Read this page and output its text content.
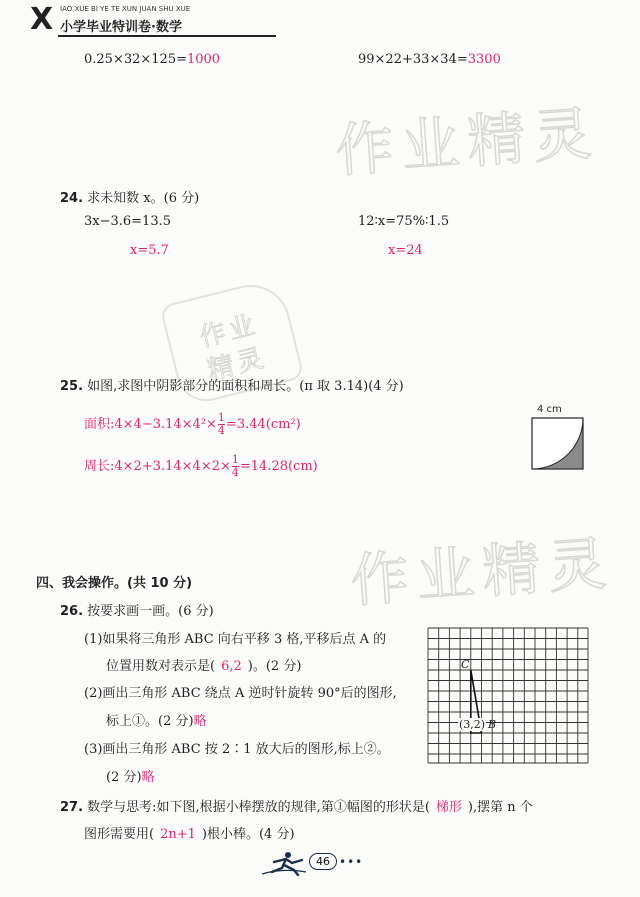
X IAO XUE BI YE TE XUN JUAN SHU XUE
小学毕业特训卷·数学
作业精灵
作业精灵
作业
精灵
0.25×32×125=1000	99×22+33×34=3300
24. 求未知数 x。(6 分)
3x−3.6=13.5
x=5.7
12∶x=75%∶1.5
x=24
25. 如图,求图中阴影部分的面积和周长。(π 取 3.14)(4 分)
面积:4×4−3.14×4²× $\frac{1}{4} =3.44(cm^2)$
周长:4×2+3.14×4×2× $\frac{1}{4} =14.28(cm)$
4 cm
四、我会操作。(共 10 分)
26. 按要求画一画。(6 分)
(1)如果将三角形 ABC 向右平移 3 格,平移后点 A 的
位置用数对表示是( 6,2 )。(2 分)
(2)画出三角形 ABC 绕点 A 逆时针旋转 90°后的图形,
标上①。(2 分)略
(3)画出三角形 ABC 按 2∶1 放大后的图形,标上②。
(2 分)略
C
(3,2) B
27. 数学与思考:如下图,根据小棒摆放的规律,第①幅图的形状是( 梯形 ),摆第 n 个
图形需要用( 2n+1 )根小棒。(4 分)
46 •••
